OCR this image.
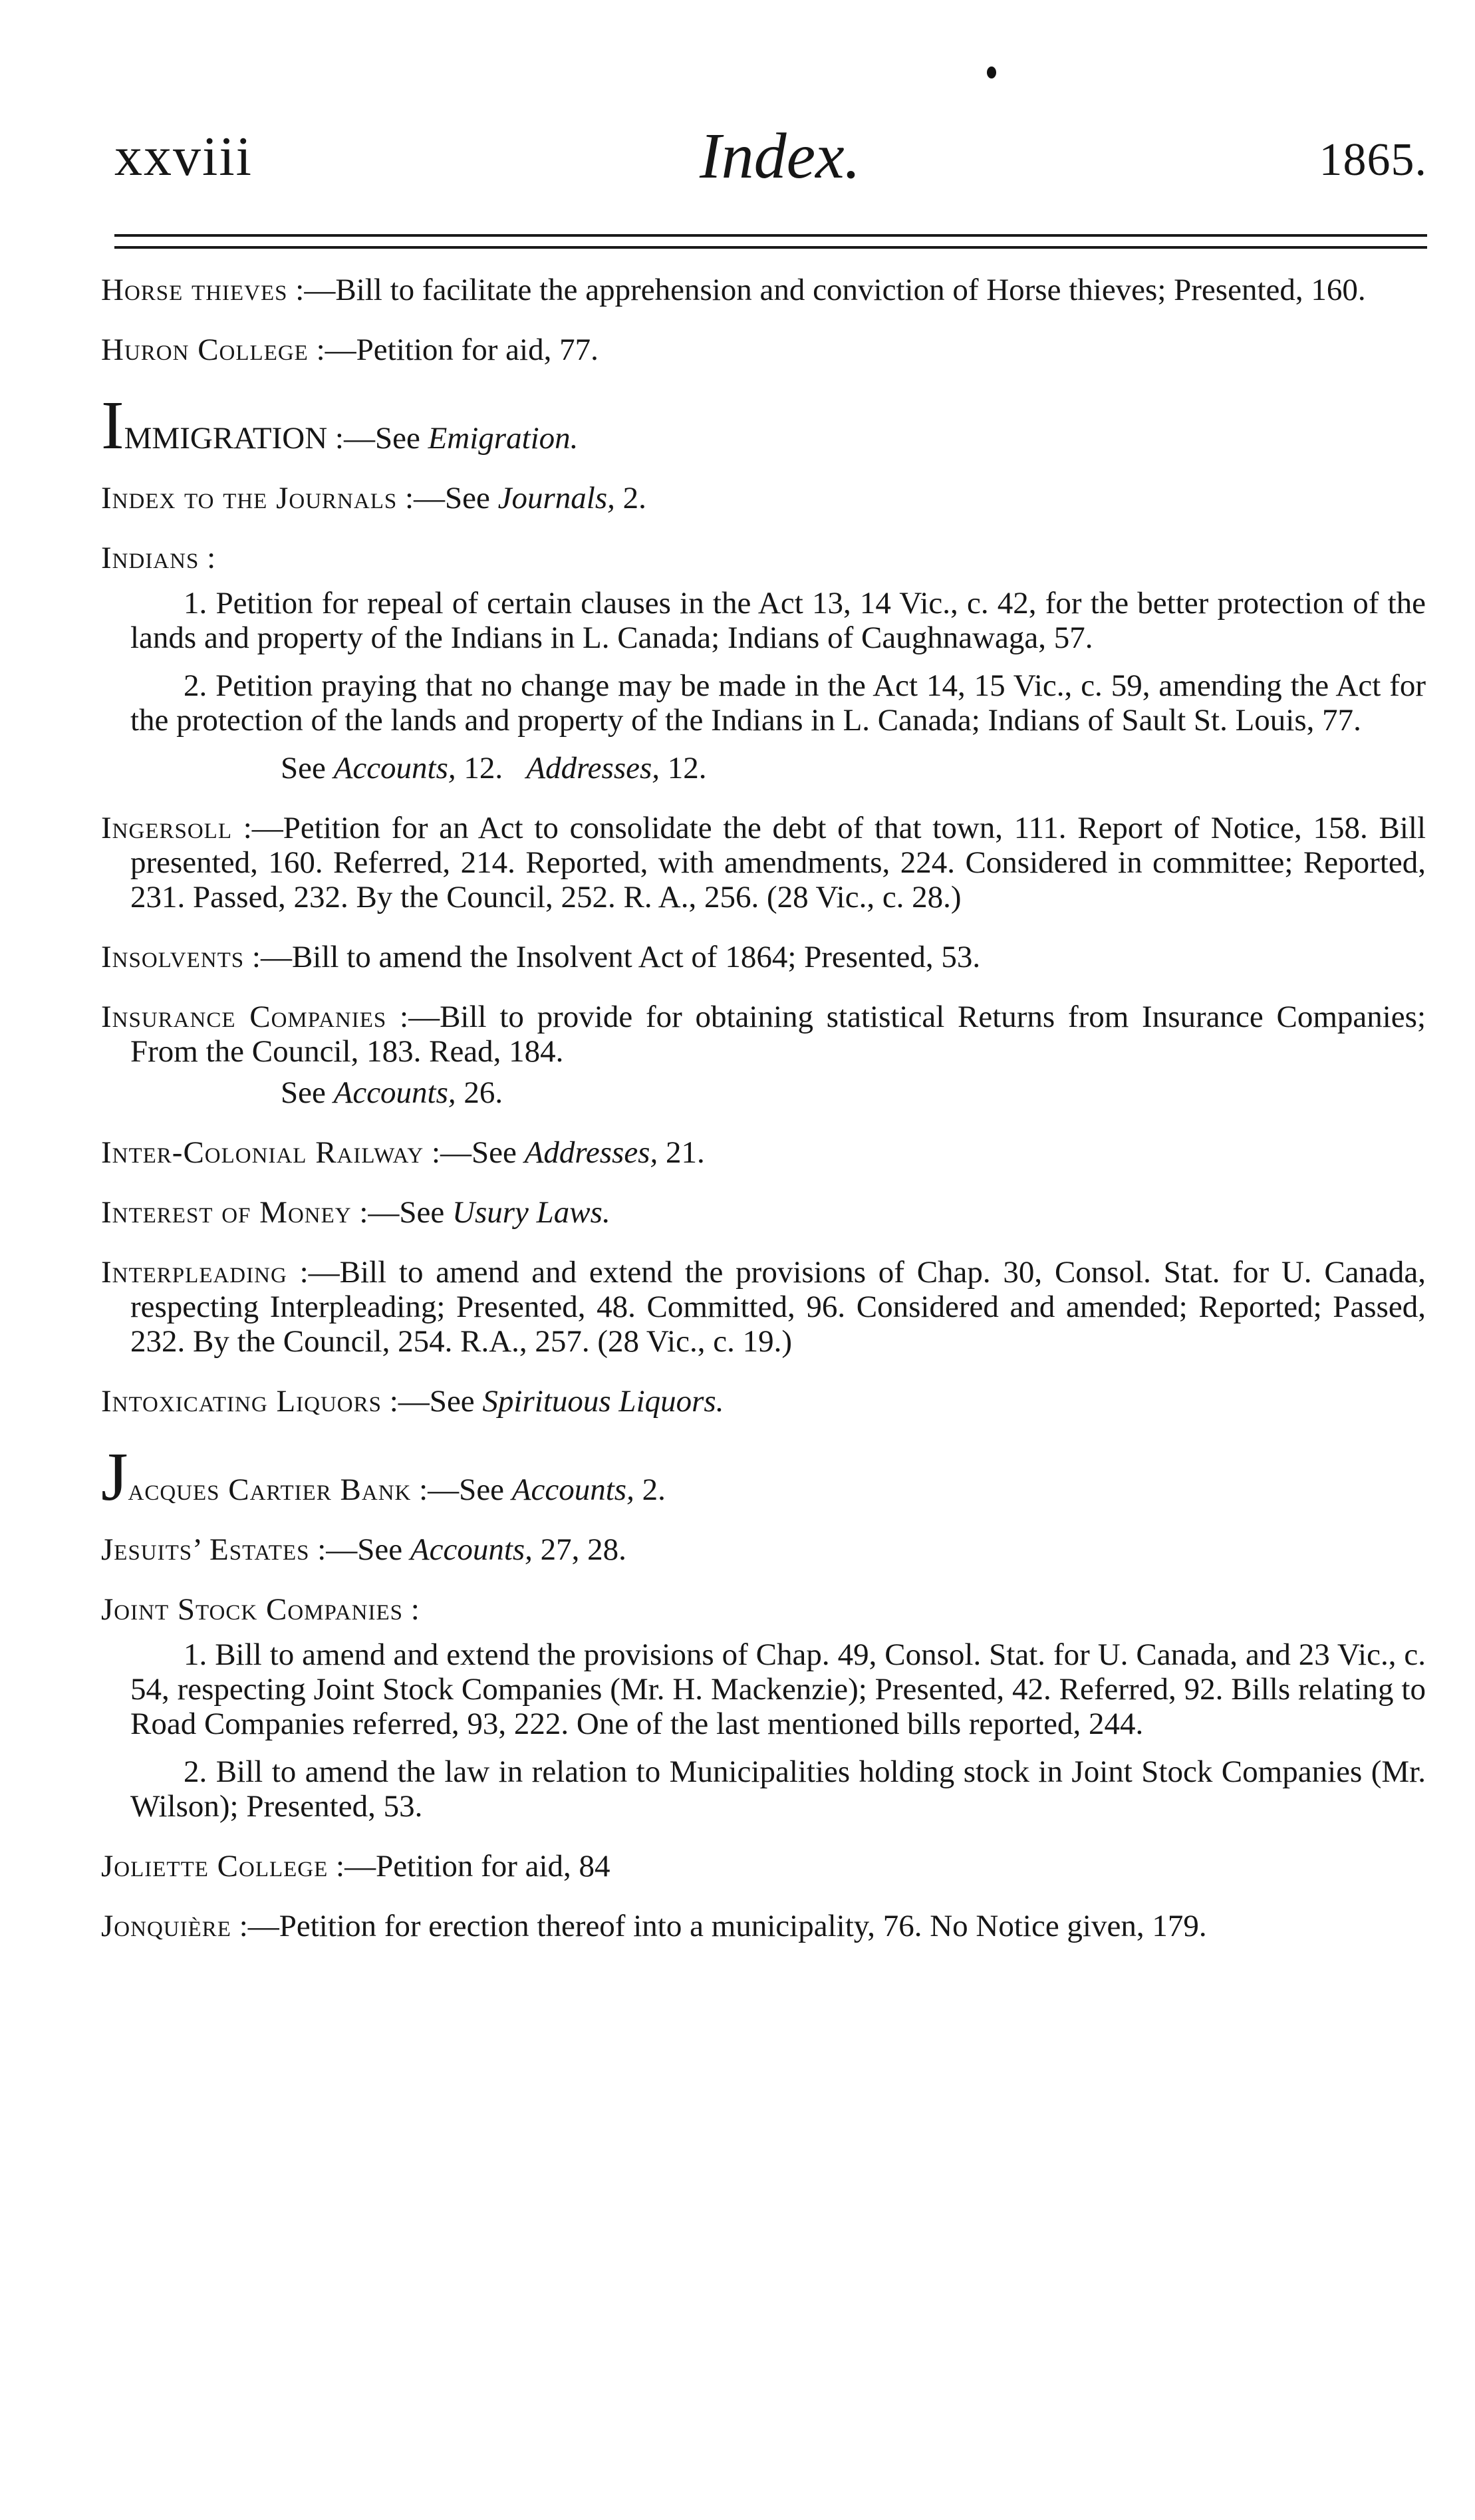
xxviii	Index.	1865.

Horse thieves :—Bill to facilitate the apprehension and conviction of Horse thieves; Presented, 160.

Huron College :—Petition for aid, 77.

IMMIGRATION :—See Emigration.

Index to the Journals :—See Journals, 2.

Indians :

1. Petition for repeal of certain clauses in the Act 13, 14 Vic., c. 42, for the better protection of the lands and property of the Indians in L. Canada; Indians of Caughnawaga, 57.

2. Petition praying that no change may be made in the Act 14, 15 Vic., c. 59, amending the Act for the protection of the lands and property of the Indians in L. Canada; Indians of Sault St. Louis, 77.

See Accounts, 12. Addresses, 12.

Ingersoll :—Petition for an Act to consolidate the debt of that town, 111. Report of Notice, 158. Bill presented, 160. Referred, 214. Reported, with amendments, 224. Considered in committee; Reported, 231. Passed, 232. By the Council, 252. R. A., 256. (28 Vic., c. 28.)

Insolvents :—Bill to amend the Insolvent Act of 1864; Presented, 53.

Insurance Companies :—Bill to provide for obtaining statistical Returns from Insurance Companies; From the Council, 183. Read, 184.

See Accounts, 26.

Inter-Colonial Railway :—See Addresses, 21.

Interest of Money :—See Usury Laws.

Interpleading :—Bill to amend and extend the provisions of Chap. 30, Consol. Stat. for U. Canada, respecting Interpleading; Presented, 48. Committed, 96. Considered and amended; Reported; Passed, 232. By the Council, 254. R.A., 257. (28 Vic., c. 19.)

Intoxicating Liquors :—See Spirituous Liquors.

Jacques Cartier Bank :—See Accounts, 2.

Jesuits’ Estates :—See Accounts, 27, 28.

Joint Stock Companies :

1. Bill to amend and extend the provisions of Chap. 49, Consol. Stat. for U. Canada, and 23 Vic., c. 54, respecting Joint Stock Companies (Mr. H. Mackenzie); Presented, 42. Referred, 92. Bills relating to Road Companies referred, 93, 222. One of the last mentioned bills reported, 244.

2. Bill to amend the law in relation to Municipalities holding stock in Joint Stock Companies (Mr. Wilson); Presented, 53.

Joliette College :—Petition for aid, 84

Jonquière :—Petition for erection thereof into a municipality, 76. No Notice given, 179.
